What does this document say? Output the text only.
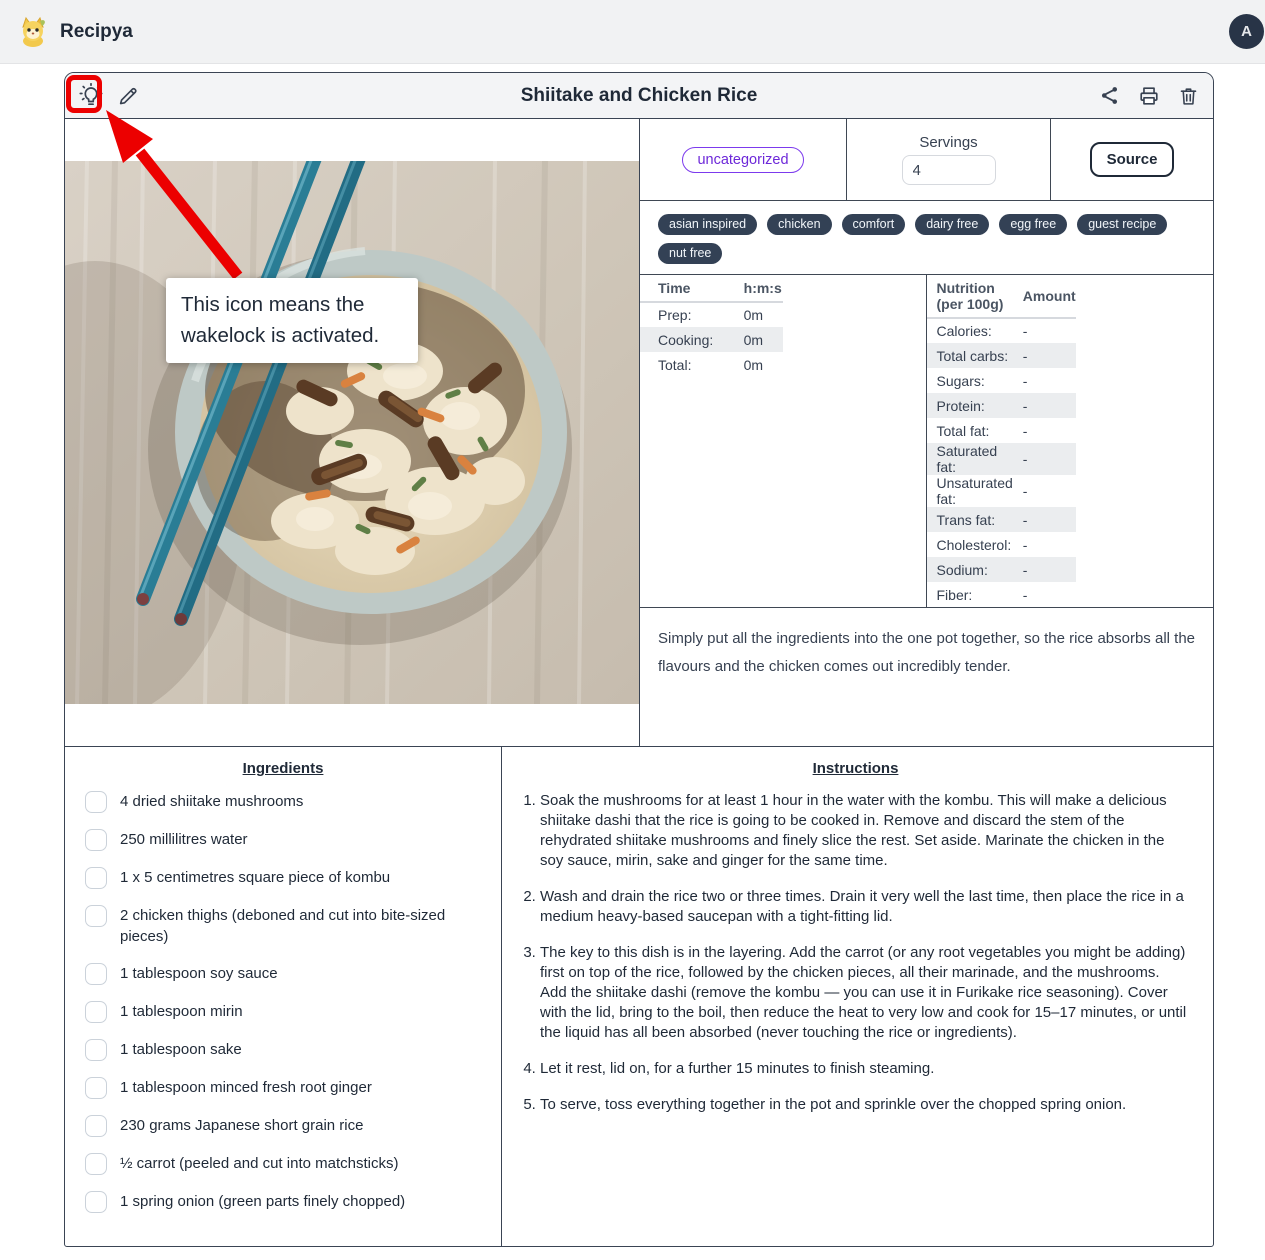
Recipya	A
Shiitake and Chicken Rice
uncategorized
Servings
4
Source
asian inspired	chicken	comfort	dairy free	egg free	guest recipe
nut free
Time	h:m:s
Prep:	0m
Cooking:	0m
Total:	0m
Nutrition (per 100g)	Amount
Calories:	-
Total carbs:	-
Sugars:	-
Protein:	-
Total fat:	-
Saturated fat:	-
Unsaturated fat:	-
Trans fat:	-
Cholesterol:	-
Sodium:	-
Fiber:	-
Simply put all the ingredients into the one pot together, so the rice absorbs all the flavours and the chicken comes out incredibly tender.
Ingredients
4 dried shiitake mushrooms
250 millilitres water
1 x 5 centimetres square piece of kombu
2 chicken thighs (deboned and cut into bite-sized pieces)
1 tablespoon soy sauce
1 tablespoon mirin
1 tablespoon sake
1 tablespoon minced fresh root ginger
230 grams Japanese short grain rice
½ carrot (peeled and cut into matchsticks)
1 spring onion (green parts finely chopped)
Instructions
1. Soak the mushrooms for at least 1 hour in the water with the kombu. This will make a delicious shiitake dashi that the rice is going to be cooked in. Remove and discard the stem of the rehydrated shiitake mushrooms and finely slice the rest. Set aside. Marinate the chicken in the soy sauce, mirin, sake and ginger for the same time.
2. Wash and drain the rice two or three times. Drain it very well the last time, then place the rice in a medium heavy-based saucepan with a tight-fitting lid.
3. The key to this dish is in the layering. Add the carrot (or any root vegetables you might be adding) first on top of the rice, followed by the chicken pieces, all their marinade, and the mushrooms. Add the shiitake dashi (remove the kombu — you can use it in Furikake rice seasoning). Cover with the lid, bring to the boil, then reduce the heat to very low and cook for 15–17 minutes, or until the liquid has all been absorbed (never touching the rice or ingredients).
4. Let it rest, lid on, for a further 15 minutes to finish steaming.
5. To serve, toss everything together in the pot and sprinkle over the chopped spring onion.
This icon means the wakelock is activated.
